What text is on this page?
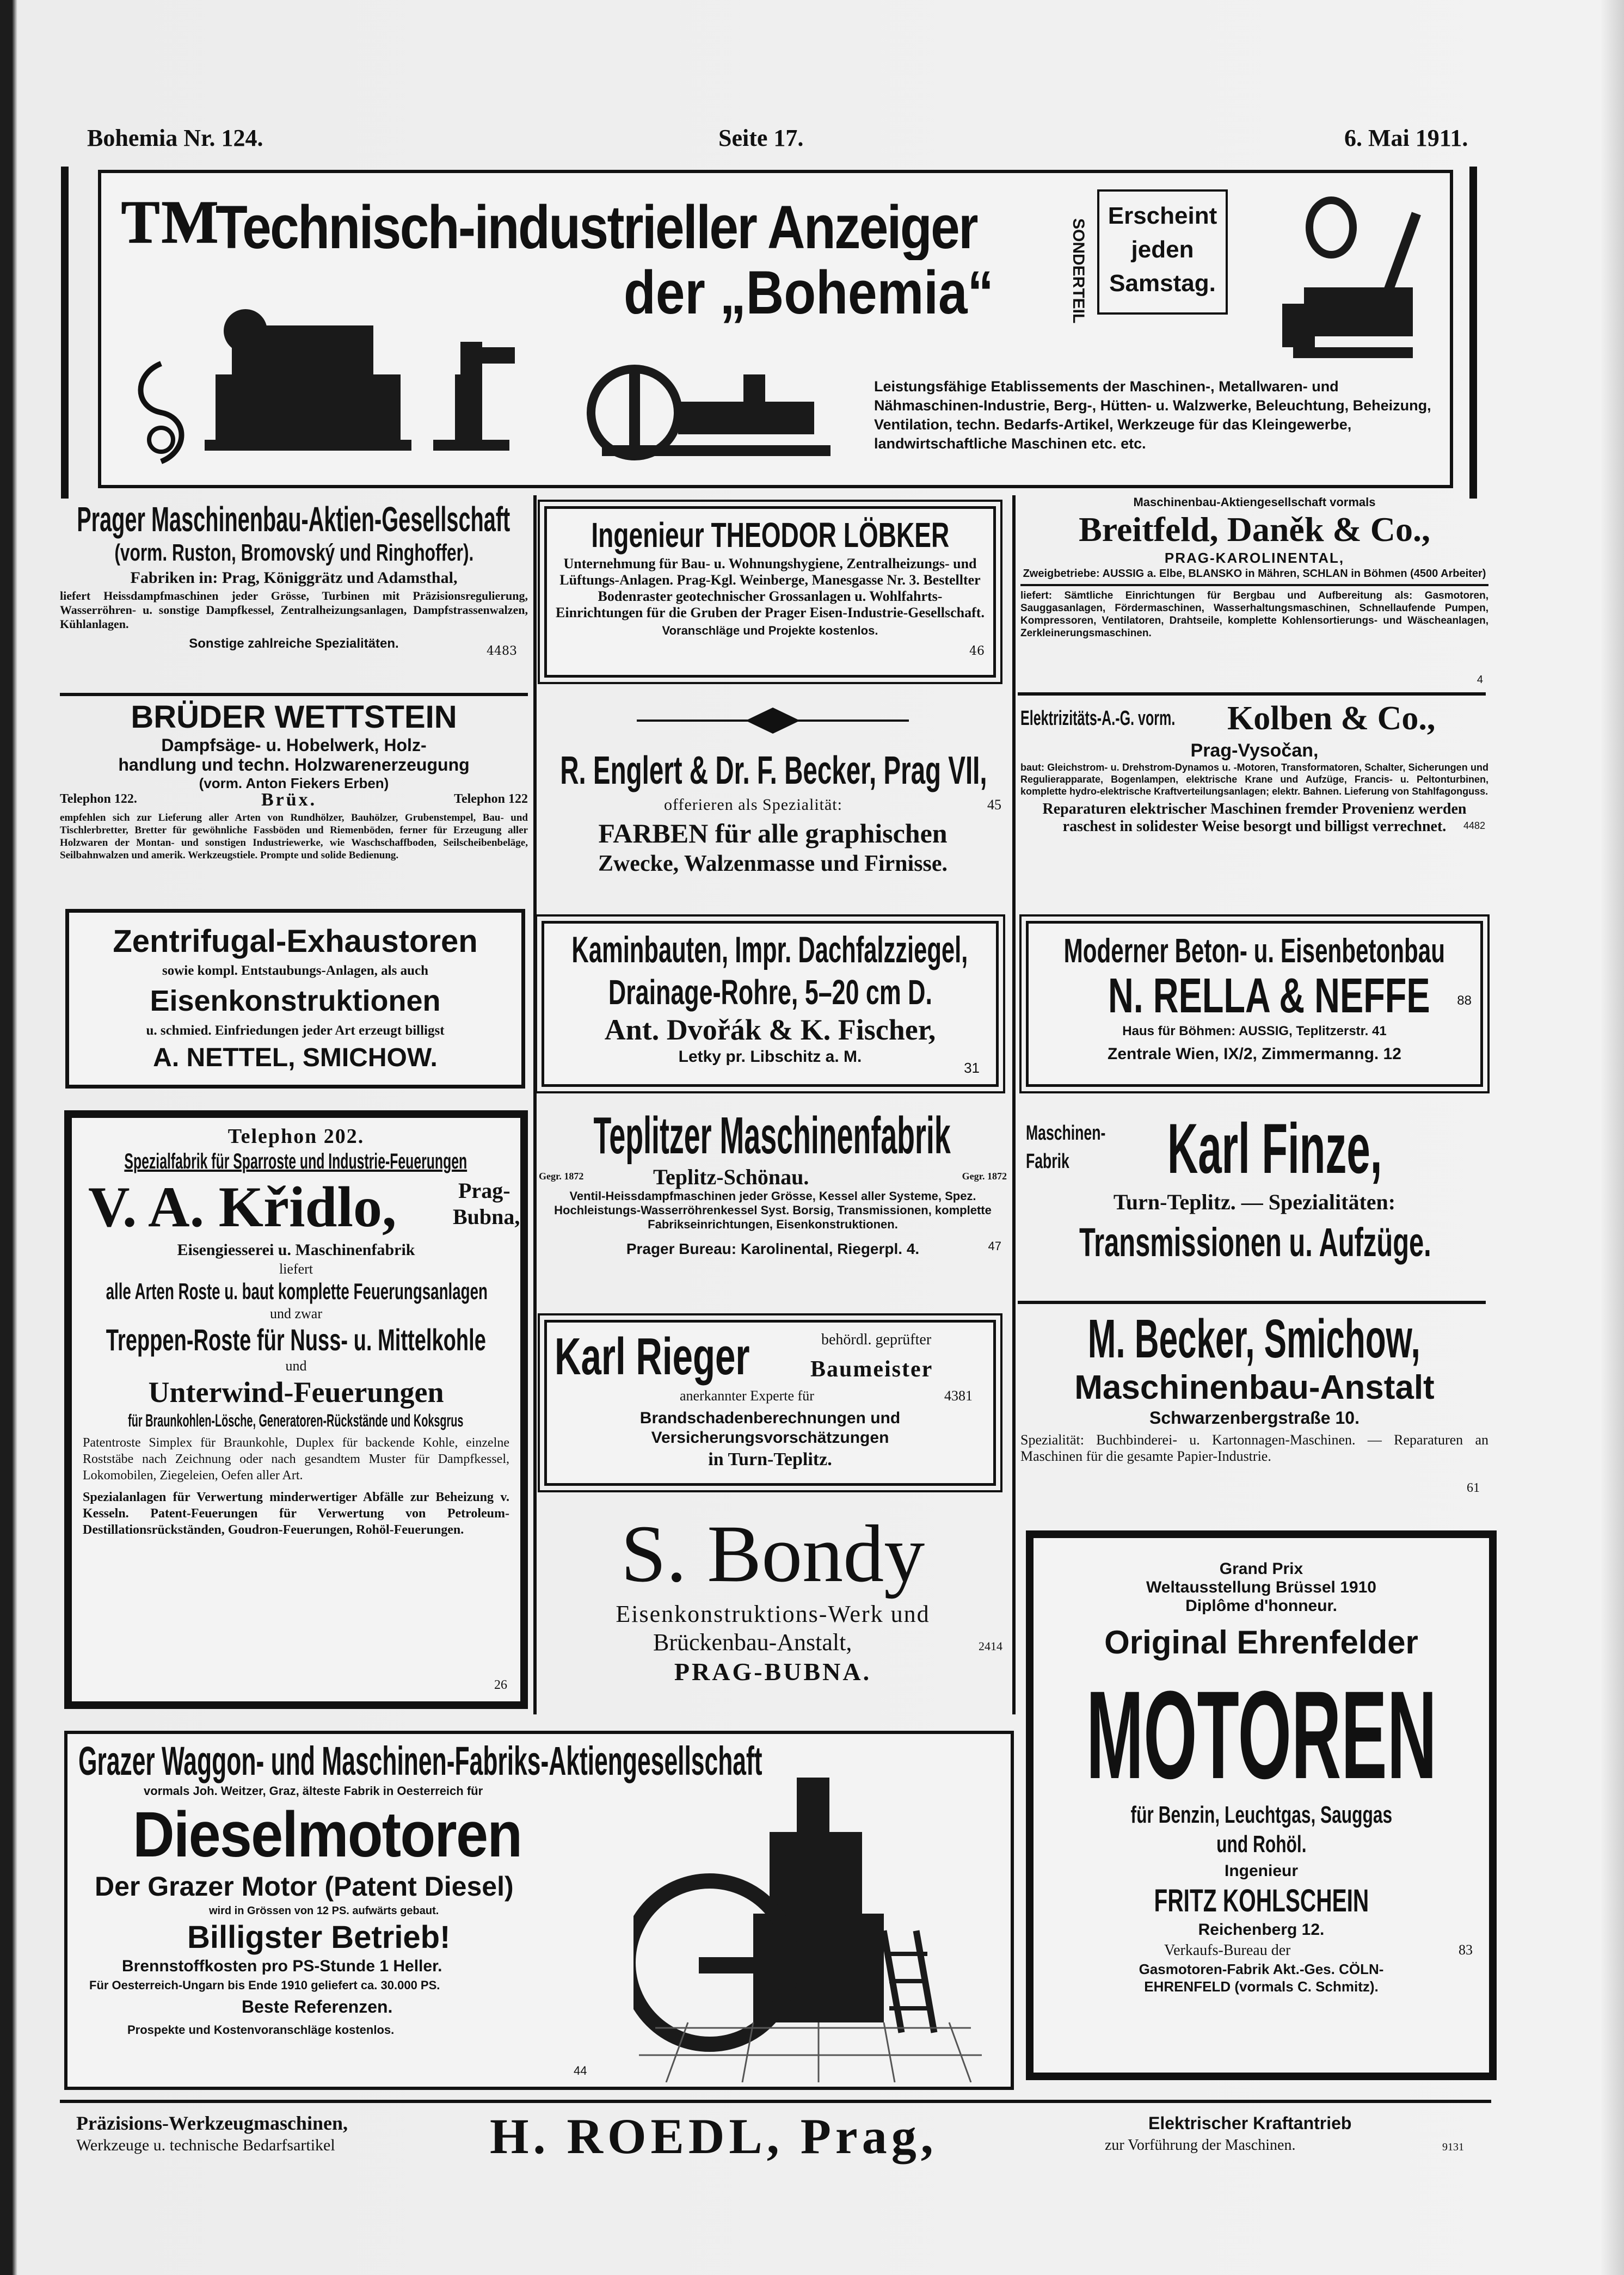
Bohemia Nr. 124.	Seite 17.	6. Mai 1911.
™
Technisch-industrieller Anzeiger
der „Bohemia“	SONDERTEIL
Erscheint
jeden
Samstag.
Leistungsfähige Etablissements der Maschinen-, Metallwaren- und Nähmaschinen-Industrie, Berg-, Hütten- u. Walzwerke, Beleuchtung, Beheizung, Ventilation, techn. Bedarfs-Artikel, Werkzeuge für das Kleingewerbe, landwirtschaftliche Maschinen etc. etc.
Prager Maschinenbau-Aktien-Gesellschaft
(vorm. Ruston, Bromovský und Ringhoffer).
Fabriken in: Prag, Königgrätz und Adamsthal,
liefert Heissdampfmaschinen jeder Grösse, Turbinen mit Präzisionsregulierung, Wasserröhren- u. sonstige Dampfkessel, Zentralheizungsanlagen, Dampfstrassenwalzen, Kühlanlagen.
4483
Sonstige zahlreiche Spezialitäten.
BRÜDER WETTSTEIN
Dampfsäge- u. Hobelwerk, Holz-
handlung und techn. Holzwarenerzeugung
(vorm. Anton Fiekers Erben)
Telephon 122.	Brüx.	Telephon 122
empfehlen sich zur Lieferung aller Arten von Rundhölzer, Bauhölzer, Grubenstempel, Bau- und Tischlerbretter, Bretter für gewöhnliche Fassböden und Riemenböden, ferner für Erzeugung aller Holzwaren der Montan- und sonstigen Industriewerke, wie Waschschaffboden, Seilscheibenbeläge, Seilbahnwalzen und amerik. Werkzeugstiele. Prompte und solide Bedienung.
Zentrifugal-Exhaustoren
sowie kompl. Entstaubungs-Anlagen, als auch
Eisenkonstruktionen
u. schmied. Einfriedungen jeder Art erzeugt billigst
A. NETTEL, SMICHOW.
Telephon 202.
Spezialfabrik für Sparroste und Industrie-Feuerungen
V. A. Křidlo,	Prag-
Bubna,
Eisengiesserei u. Maschinenfabrik
liefert
alle Arten Roste u. baut komplette Feuerungsanlagen
und zwar
Treppen-Roste für Nuss- u. Mittelkohle
und
Unterwind-Feuerungen
für Braunkohlen-Lösche, Generatoren-Rückstände und Koksgrus
Patentroste Simplex für Braunkohle, Duplex für backende Kohle, einzelne Roststäbe nach Zeichnung oder nach gesandtem Muster für Dampfkessel, Lokomobilen, Ziegeleien, Oefen aller Art.
Spezialanlagen für Verwertung minderwertiger Abfälle zur Beheizung v. Kesseln. Patent-Feuerungen für Verwertung von Petroleum-Destillationsrückständen, Goudron-Feuerungen, Rohöl-Feuerungen.
26
Ingenieur THEODOR LÖBKER
Unternehmung für Bau- u. Wohnungshygiene, Zentralheizungs- und Lüftungs-Anlagen. Prag-Kgl. Weinberge, Manesgasse Nr. 3. Bestellter Bodenraster geotechnischer Grossanlagen u. Wohlfahrts-Einrichtungen für die Gruben der Prager Eisen-Industrie-Gesellschaft.
46
Voranschläge und Projekte kostenlos.
R. Englert & Dr. F. Becker, Prag VII,
offerieren als Spezialität:	45
FARBEN für alle graphischen
Zwecke, Walzenmasse und Firnisse.
Kaminbauten, Impr. Dachfalzziegel,
Drainage-Rohre, 5–20 cm D.
Ant. Dvořák & K. Fischer,
Letky pr. Libschitz a. M.
31
Teplitzer Maschinenfabrik
Gegr. 1872	Teplitz-Schönau.	Gegr. 1872
Ventil-Heissdampfmaschinen jeder Grösse, Kessel aller Systeme, Spez. Hochleistungs-Wasserröhrenkessel Syst. Borsig, Transmissionen, komplette Fabrikseinrichtungen, Eisenkonstruktionen.
47
Prager Bureau: Karolinental, Riegerpl. 4.
Karl Rieger	behördl. geprüfter
Baumeister
anerkannter Experte für	4381
Brandschadenberechnungen und Versicherungsvorschätzungen
in Turn-Teplitz.
S. Bondy
Eisenkonstruktions-Werk und
Brückenbau-Anstalt,	2414
PRAG-BUBNA.
Maschinenbau-Aktiengesellschaft vormals
Breitfeld, Daněk & Co.,
PRAG-KAROLINENTAL,
Zweigbetriebe: AUSSIG a. Elbe, BLANSKO in Mähren, SCHLAN in Böhmen (4500 Arbeiter)
liefert: Sämtliche Einrichtungen für Bergbau und Aufbereitung als: Gasmotoren, Sauggasanlagen, Fördermaschinen, Wasserhaltungsmaschinen, Schnellaufende Pumpen, Kompressoren, Ventilatoren, Drahtseile, komplette Kohlensortierungs- und Wäscheanlagen, Zerkleinerungsmaschinen.
4
Elektrizitäts-A.-G. vorm. Kolben & Co.,
Prag-Vysočan,
baut: Gleichstrom- u. Drehstrom-Dynamos u. -Motoren, Transformatoren, Schalter, Sicherungen und Regulierapparate, Bogenlampen, elektrische Krane und Aufzüge, Francis- u. Peltonturbinen, komplette hydro-elektrische Kraftverteilungsanlagen; elektr. Bahnen. Lieferung von Stahlfagonguss.
4482
Reparaturen elektrischer Maschinen fremder Provenienz werden raschest in solidester Weise besorgt und billigst verrechnet.
Moderner Beton- u. Eisenbetonbau
N. RELLA & NEFFE 88
Haus für Böhmen: AUSSIG, Teplitzerstr. 41
Zentrale Wien, IX/2, Zimmermanng. 12
Maschinen-
Fabrik Karl Finze,
Turn-Teplitz. — Spezialitäten:
Transmissionen u. Aufzüge.
M. Becker, Smichow,
Maschinenbau-Anstalt
Schwarzenbergstraße 10.
Spezialität: Buchbinderei- u. Kartonnagen-Maschinen. — Reparaturen an Maschinen für die gesamte Papier-Industrie.
61
Grand Prix
Weltausstellung Brüssel 1910
Diplôme d'honneur.
Original Ehrenfelder
MOTOREN
für Benzin, Leuchtgas, Sauggas
und Rohöl.
Ingenieur
FRITZ KOHLSCHEIN
Reichenberg 12.
Verkaufs-Bureau der	83
Gasmotoren-Fabrik Akt.-Ges. CÖLN-
EHRENFELD (vormals C. Schmitz).
Grazer Waggon- und Maschinen-Fabriks-Aktiengesellschaft
vormals Joh. Weitzer, Graz, älteste Fabrik in Oesterreich für
Dieselmotoren
Der Grazer Motor (Patent Diesel)
wird in Grössen von 12 PS. aufwärts gebaut.
Billigster Betrieb!
Brennstoffkosten pro PS-Stunde 1 Heller.
Für Oesterreich-Ungarn bis Ende 1910 geliefert ca. 30.000 PS.
Beste Referenzen.
Prospekte und Kostenvoranschläge kostenlos.
44
Präzisions-Werkzeugmaschinen,
Werkzeuge u. technische Bedarfsartikel	H. ROEDL, Prag,	Elektrischer Kraftantrieb
zur Vorführung der Maschinen.	9131
